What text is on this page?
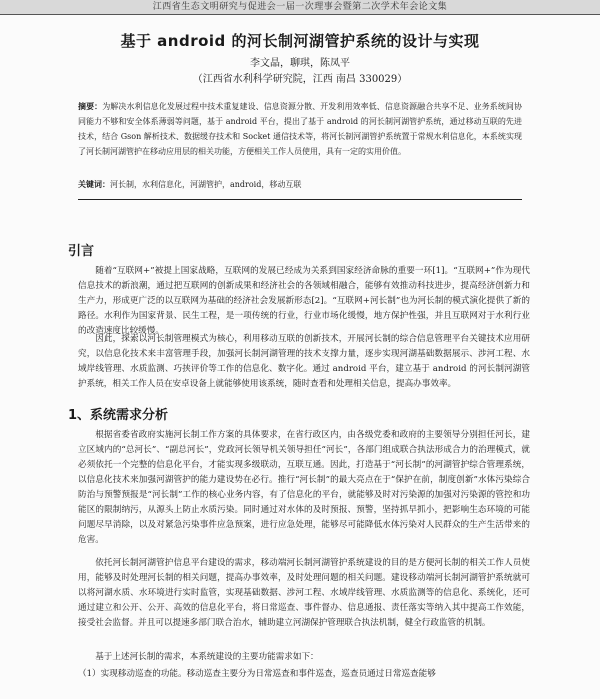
江西省生态文明研究与促进会一届一次理事会暨第二次学术年会论文集
基于 android 的河长制河湖管护系统的设计与实现
李文晶，聊琪，陈凤平
（江西省水利科学研究院，江西 南昌 330029）
摘要：为解决水利信息化发展过程中技术重复建设、信息资源分散、开发利用效率低、信息资源融合共享不足、业务系统间协同能力不够和安全体系薄弱等问题，基于 android 平台，提出了基于 android 的河长制河湖管护系统，通过移动互联的先进技术，结合 Gson 解析技术、数据缓存技术和 Socket 通信技术等，将河长制河湖管护系统置于常规水利信息化，本系统实现了河长制河湖管护在移动应用层的相关功能，方便相关工作人员使用，具有一定的实用价值。
关键词：河长制，水利信息化，河湖管护，android，移动互联
引言
随着“互联网+”被提上国家战略，互联网的发展已经成为关系到国家经济命脉的重要一环[1]。“互联网+”作为现代信息技术的新浪潮，通过把互联网的创新成果和经济社会的各领域相融合，能够有效推动科技进步，提高经济创新力和生产力，形成更广泛的以互联网为基础的经济社会发展新形态[2]。“互联网+河长制”也为河长制的模式演化提供了新的路径。水利作为国家背景、民生工程，是一项传统的行业，行业市场化缓慢，地方保护性强，并且互联网对于水利行业的改造速度比较缓慢。
因此，探索以河长制管理模式为核心，利用移动互联的创新技术，开展河长制的综合信息管理平台关键技术应用研究，以信息化技术来丰富管理手段，加强河长制河湖管理的技术支撑力量，逐步实现河湖基础数据展示、涉河工程、水域岸线管理、水质监测、巧挟评价等工作的信息化、数字化。通过 android 平台，建立基于 android 的河长制河湖管护系统，相关工作人员在安卓设备上就能够使用该系统，随时查看和处理相关信息，提高办事效率。
1、系统需求分析
根据省委省政府实施河长制工作方案的具体要求，在省行政区内，由各级党委和政府的主要领导分别担任河长，建立区域内的“总河长”、“副总河长”，党政河长领导机关领导担任“河长”，各部门组成联合执法形成合力的治理模式，就必须依托一个完整的信息化平台，才能实现多级联动，互联互通。因此，打造基于“河长制”的河湖管护综合管理系统，以信息化技术来加强河湖管护的能力建设势在必行。推行“河长制”的最大亮点在于“保护在前，制度创新”水体污染综合防治与预警预报是“河长制”工作的核心业务内容，有了信息化的平台，就能够及时对污染源的加强对污染源的管控和功能区的限制纳污，从源头上防止水质污染。同时通过对水体的及时预报、预警，坚持抓早抓小，把影响生态环境的可能问题尽早消除，以及对紧急污染事件应急预案，进行应急处理，能够尽可能降低水体污染对人民群众的生产生活带来的危害。
依托河长制河湖管护信息平台建设的需求，移动端河长制河湖管护系统建设的目的是方便河长制的相关工作人员使用，能够及时处理河长制的相关问题，提高办事效率，及时处理问题的相关问题。建设移动端河长制河湖管护系统就可以将河湖水质、水环境进行实时监管，实现基础数据、涉河工程、水域岸线管理、水质监测等的信息化、系统化，还可通过建立和公开、公开、高效的信息化平台，将日常巡查、事件督办、信息通报、责任落实等纳入其中提高工作效能，接受社会监督。并且可以提速多部门联合治水，辅助建立河湖保护管理联合执法机制，健全行政监管的机制。
基于上述河长制的需求，本系统建设的主要功能需求如下：
（1）实现移动巡查的功能。移动巡查主要分为日常巡查和事件巡查，巡查员通过日常巡查能够
